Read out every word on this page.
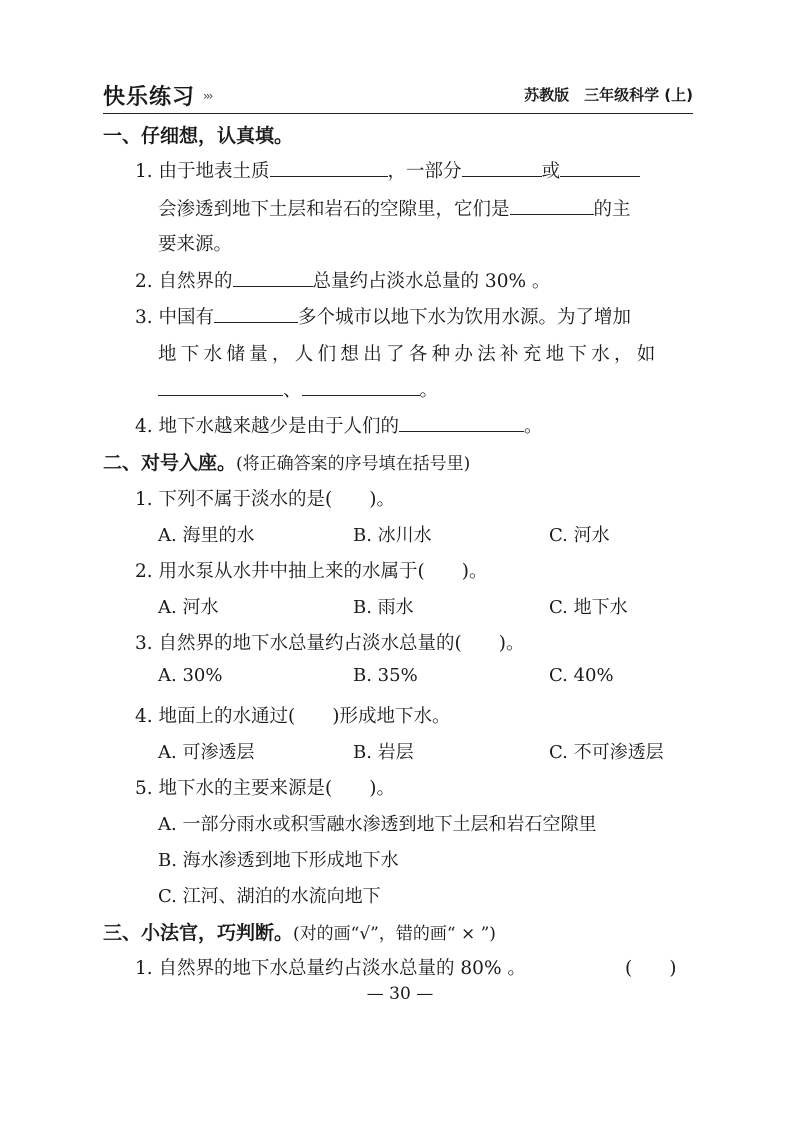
快乐练习 ›››	苏教版　三年级科学 (上)
一、仔细想，认真填。
1. 由于地表土质	，一部分	或
会渗透到地下土层和岩石的空隙里，它们是	的主
要来源。
2. 自然界的	总量约占淡水总量的 30% 。
3. 中国有	多个城市以地下水为饮用水源。为了增加
地下水储量，人们想出了各种办法补充地下水，如
、	。
4. 地下水越来越少是由于人们的	。
二、对号入座。(将正确答案的序号填在括号里)
1. 下列不属于淡水的是(　　)。
A. 海里的水	B. 冰川水	C. 河水
2. 用水泵从水井中抽上来的水属于(　　)。
A. 河水	B. 雨水	C. 地下水
3. 自然界的地下水总量约占淡水总量的(　　)。
A. 30%	B. 35%	C. 40%
4. 地面上的水通过(　　)形成地下水。
A. 可渗透层	B. 岩层	C. 不可渗透层
5. 地下水的主要来源是(　　)。
A. 一部分雨水或积雪融水渗透到地下土层和岩石空隙里
B. 海水渗透到地下形成地下水
C. 江河、湖泊的水流向地下
三、小法官，巧判断。(对的画“√”，错的画“ × ”)
1. 自然界的地下水总量约占淡水总量的 80% 。	(　　)
— 30 —
